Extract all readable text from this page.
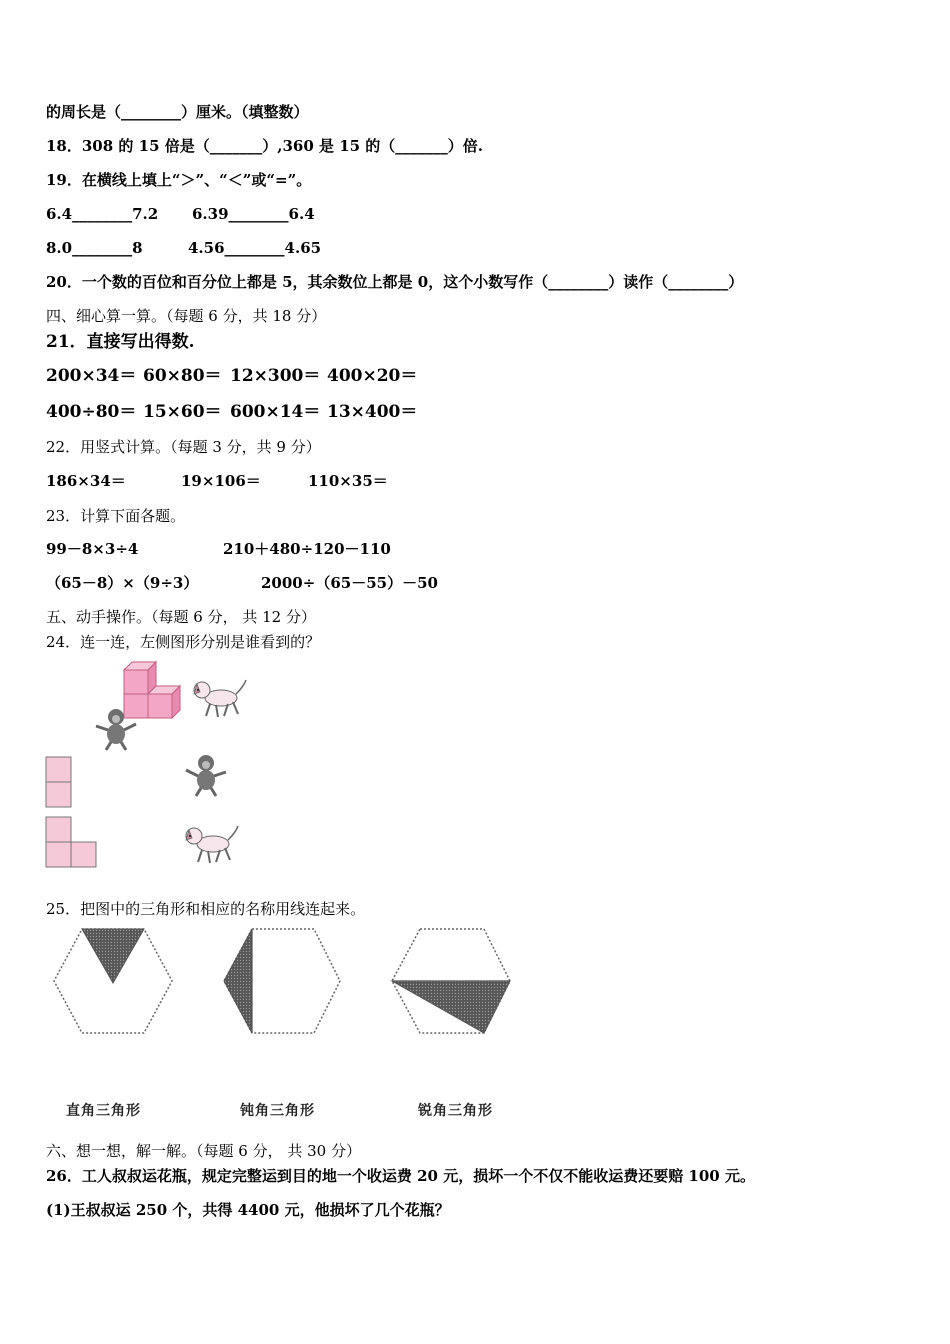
的周长是（________）厘米。（填整数）
18．308 的 15 倍是（_______）,360 是 15 的（_______）倍.
19．在横线上填上“＞”、“＜”或“=”。
6.4________7.2 6.39________6.4
8.0________8	4.56________4.65
20．一个数的百位和百分位上都是 5，其余数位上都是 0，这个小数写作（________）读作（________）
四、细心算一算。（每题 6 分，共 18 分）
21．直接写出得数.
200×34＝ 60×80＝ 12×300＝ 400×20＝
400÷80＝ 15×60＝ 600×14＝ 13×400＝
22．用竖式计算。（每题 3 分，共 9 分）
186×34＝	19×106＝	110×35＝
23．计算下面各题。
99－8×3÷4	210＋480÷120－110
（65－8）×（9÷3）	2000÷（65－55）－50
五、动手操作。（每题 6 分， 共 12 分）
24．连一连，左侧图形分别是谁看到的？
25．把图中的三角形和相应的名称用线连起来。
直角三角形	钝角三角形	锐角三角形
六、想一想，解一解。（每题 6 分， 共 30 分）
26．工人叔叔运花瓶，规定完整运到目的地一个收运费 20 元，损坏一个不仅不能收运费还要赔 100 元。
(1)王叔叔运 250 个，共得 4400 元，他损坏了几个花瓶？
